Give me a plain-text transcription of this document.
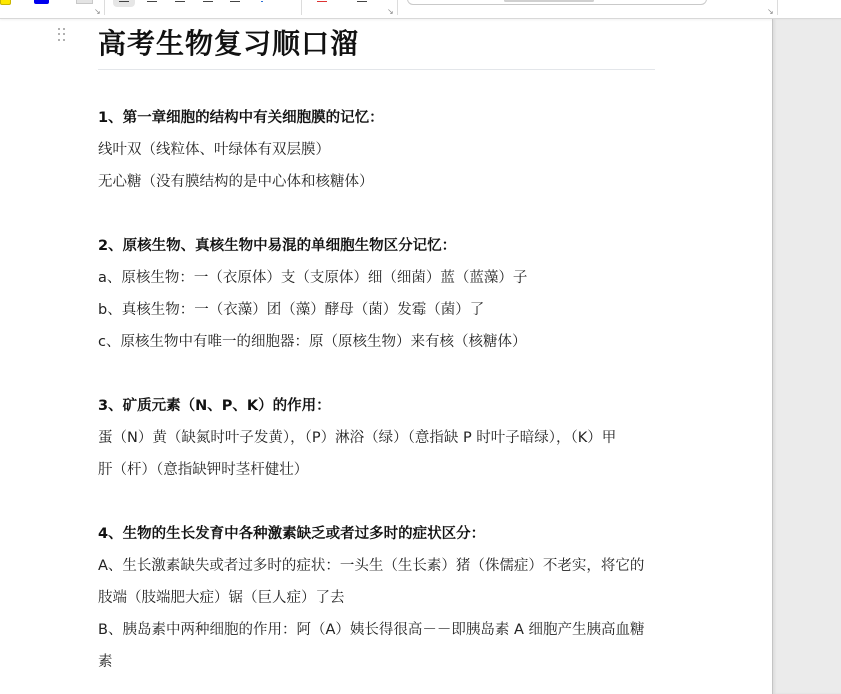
↘	↘	↘
高考生物复习顺口溜
1、第一章细胞的结构中有关细胞膜的记忆：
线叶双（线粒体、叶绿体有双层膜）
无心糖（没有膜结构的是中心体和核糖体）
2、原核生物、真核生物中易混的单细胞生物区分记忆：
a、原核生物：一（衣原体）支（支原体）细（细菌）蓝（蓝藻）子
b、真核生物：一（衣藻）团（藻）酵母（菌）发霉（菌）了
c、原核生物中有唯一的细胞器：原（原核生物）来有核（核糖体）
3、矿质元素（N、P、K）的作用：
蛋（N）黄（缺氮时叶子发黄），（P）淋浴（绿）（意指缺 P 时叶子暗绿），（K）甲
肝（杆）（意指缺钾时茎杆健壮）
4、生物的生长发育中各种激素缺乏或者过多时的症状区分：
A、生长激素缺失或者过多时的症状：一头生（生长素）猪（侏儒症）不老实，将它的
肢端（肢端肥大症）锯（巨人症）了去
B、胰岛素中两种细胞的作用：阿（A）姨长得很高－－即胰岛素 A 细胞产生胰高血糖
素
